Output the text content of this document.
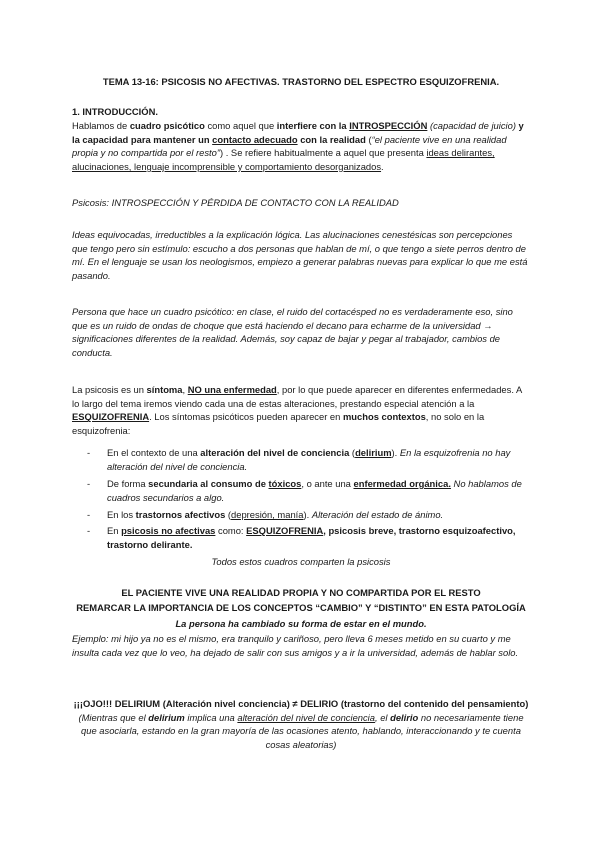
TEMA 13-16: PSICOSIS NO AFECTIVAS. TRASTORNO DEL ESPECTRO ESQUIZOFRENIA.

1. INTRODUCCIÓN.

Hablamos de cuadro psicótico como aquel que interfiere con la INTROSPECCIÓN (capacidad de juicio) y la capacidad para mantener un contacto adecuado con la realidad (“el paciente vive en una realidad propia y no compartida por el resto”) . Se refiere habitualmente a aquel que presenta ideas delirantes, alucinaciones, lenguaje incomprensible y comportamiento desorganizados.

Psicosis: INTROSPECCIÓN Y PÉRDIDA DE CONTACTO CON LA REALIDAD

Ideas equivocadas, irreductibles a la explicación lógica. Las alucinaciones cenestésicas son percepciones que tengo pero sin estímulo: escucho a dos personas que hablan de mí, o que tengo a siete perros dentro de mí. En el lenguaje se usan los neologismos, empiezo a generar palabras nuevas para explicar lo que me está pasando.

Persona que hace un cuadro psicótico: en clase, el ruido del cortacésped no es verdaderamente eso, sino que es un ruido de ondas de choque que está haciendo el decano para echarme de la universidad → significaciones diferentes de la realidad. Además, soy capaz de bajar y pegar al trabajador, cambios de conducta.

La psicosis es un síntoma, NO una enfermedad, por lo que puede aparecer en diferentes enfermedades. A lo largo del tema iremos viendo cada una de estas alteraciones, prestando especial atención a la ESQUIZOFRENIA. Los síntomas psicóticos pueden aparecer en muchos contextos, no solo en la esquizofrenia:

- En el contexto de una alteración del nivel de conciencia (delirium). En la esquizofrenia no hay alteración del nivel de conciencia.
- De forma secundaria al consumo de tóxicos, o ante una enfermedad orgánica. No hablamos de cuadros secundarios a algo.
- En los trastornos afectivos (depresión, manía). Alteración del estado de ánimo.
- En psicosis no afectivas como: ESQUIZOFRENIA, psicosis breve, trastorno esquizoafectivo, trastorno delirante.

Todos estos cuadros comparten la psicosis

EL PACIENTE VIVE UNA REALIDAD PROPIA Y NO COMPARTIDA POR EL RESTO

REMARCAR LA IMPORTANCIA DE LOS CONCEPTOS “CAMBIO” Y “DISTINTO” EN ESTA PATOLOGÍA

La persona ha cambiado su forma de estar en el mundo.

Ejemplo: mi hijo ya no es el mismo, era tranquilo y cariñoso, pero lleva 6 meses metido en su cuarto y me insulta cada vez que lo veo, ha dejado de salir con sus amigos y a ir la universidad, además de hablar solo.

¡¡¡OJO!!! DELIRIUM (Alteración nivel conciencia) ≠ DELIRIO (trastorno del contenido del pensamiento) (Mientras que el delirium implica una alteración del nivel de conciencia, el delirio no necesariamente tiene que asociarla, estando en la gran mayoría de las ocasiones atento, hablando, interaccionando y te cuenta cosas aleatorias)
